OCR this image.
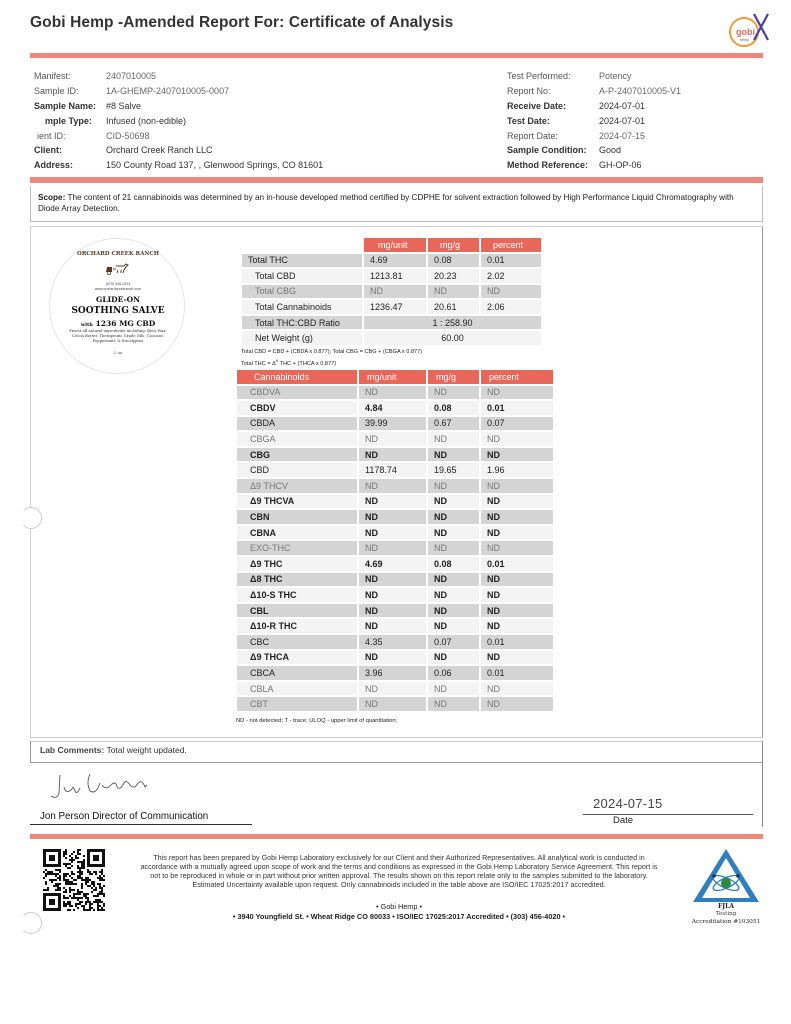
Gobi Hemp -Amended Report For: Certificate of Analysis
gobi
hemp
Manifest:	2407010005
Sample ID:	1A-GHEMP-2407010005-0007
Sample Name:	#8 Salve
mple Type:	Infused (non-edible)
ient ID:	CID-50698
Client:	Orchard Creek Ranch LLC
Address:	150 County Road 137, , Glenwood Springs, CO 81601
Test Performed:	Potency
Report No:	A-P-2407010005-V1
Receive Date:	2024-07-01
Test Date:	2024-07-01
Report Date:	2024-07-15
Sample Condition:	Good
Method Reference:	GH-OP-06
Scope: The content of 21 cannabinoids was determined by an in-house developed method certified by CDPHE for solvent extraction followed by High Performance Liquid Chromatography with Diode Array Detection.
ORCHARD CREEK RANCH
(970) 945-2224
www.orchardcreekranch.com
GLIDE-ON
SOOTHING SALVE
with 1236 MG CBD
Finest all natural ingredients including: Bees Wax, Cocoa Butter, Therapeutic Grade Oils: Coconut, Peppermint, & Eucalyptus
2 oz
	mg/unit	mg/g	percent
Total THC	4.69	0.08	0.01
Total CBD	1213.81	20.23	2.02
Total CBG	ND	ND	ND
Total Cannabinoids	1236.47	20.61	2.06
Total THC:CBD Ratio	1 : 258.90		
Net Weight (g)	60.00		
Total CBD = CBD + (CBDA x 0.877); Total CBG = CBG + (CBGA x 0.877)
Total THC = $\Delta^9$ THC + (THCA x 0.877)
Cannabinoids	mg/unit	mg/g	percent
CBDVA	ND	ND	ND
CBDV	4.84	0.08	0.01
CBDA	39.99	0.67	0.07
CBGA	ND	ND	ND
CBG	ND	ND	ND
CBD	1178.74	19.65	1.96
Δ9 THCV	ND	ND	ND
Δ9 THCVA	ND	ND	ND
CBN	ND	ND	ND
CBNA	ND	ND	ND
EXO-THC	ND	ND	ND
Δ9 THC	4.69	0.08	0.01
Δ8 THC	ND	ND	ND
Δ10-S THC	ND	ND	ND
CBL	ND	ND	ND
Δ10-R THC	ND	ND	ND
CBC	4.35	0.07	0.01
Δ9 THCA	ND	ND	ND
CBCA	3.96	0.06	0.01
CBLA	ND	ND	ND
CBT	ND	ND	ND
ND - not detected; T - trace; ULOQ - upper limit of quantitation;
Lab Comments: Total weight updated.
Jon Person Director of Communication
2024-07-15
Date
This report has been prepared by Gobi Hemp Laboratory exclusively for our Client and their Authorized Representatives. All analytical work is conducted in accordance with a mutually agreed upon scope of work and the terms and conditions as expressed in the Gobi Hemp Laboratory Service Agreement. This report is not to be reproduced in whole or in part without prior written approval. The results shown on this report relate only to the samples submitted to the laboratory. Estimated Uncertainty available upon request. Only cannabinoids included in the table above are ISO/IEC 17025:2017 accredited.
• Gobi Hemp •
• 3940 Youngfield St. • Wheat Ridge CO 80033 • ISO/IEC 17025:2017 Accredited • (303) 456-4020 •
FJLA
Testing
Accreditation #103051
